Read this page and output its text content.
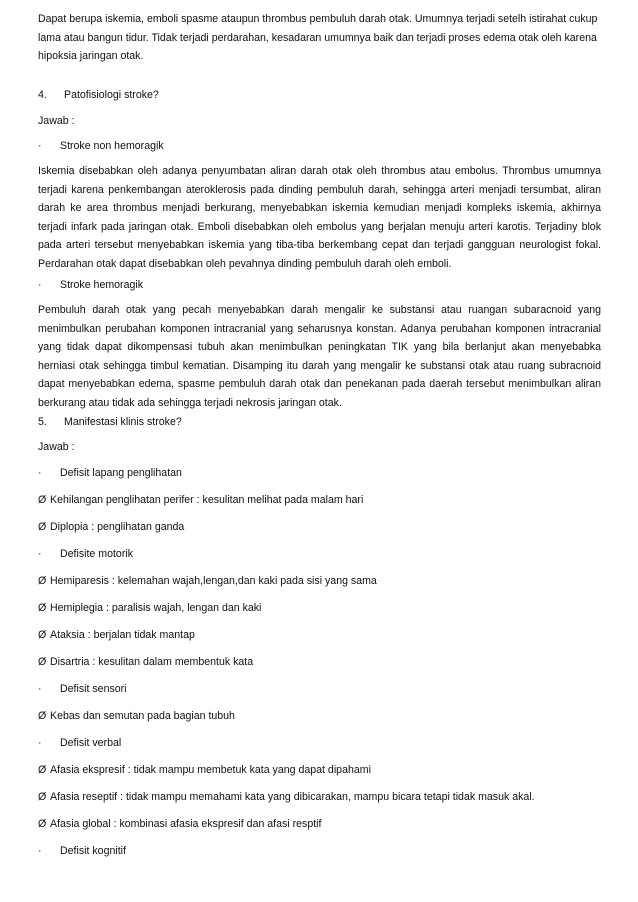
Dapat berupa iskemia, emboli spasme ataupun thrombus pembuluh darah otak. Umumnya terjadi setelh istirahat cukup lama atau bangun tidur. Tidak terjadi perdarahan, kesadaran umumnya baik dan terjadi proses edema otak oleh karena hipoksia jaringan otak.

4. Patofisiologi stroke?

Jawab :

· Stroke non hemoragik

Iskemia disebabkan oleh adanya penyumbatan aliran darah otak oleh thrombus atau embolus. Thrombus umumnya terjadi karena penkembangan ateroklerosis pada dinding pembuluh darah, sehingga arteri menjadi tersumbat, aliran darah ke area thrombus menjadi berkurang, menyebabkan iskemia kemudian menjadi kompleks iskemia, akhirnya terjadi infark pada jaringan otak. Emboli disebabkan oleh embolus yang berjalan menuju arteri karotis. Terjadiny blok pada arteri tersebut menyebabkan iskemia yang tiba-tiba berkembang cepat dan terjadi gangguan neurologist fokal. Perdarahan otak dapat disebabkan oleh pevahnya dinding pembuluh darah oleh emboli.

· Stroke hemoragik

Pembuluh darah otak yang pecah menyebabkan darah mengalir ke substansi atau ruangan subaracnoid yang menimbulkan perubahan komponen intracranial yang seharusnya konstan. Adanya perubahan komponen intracranial yang tidak dapat dikompensasi tubuh akan menimbulkan peningkatan TIK yang bila berlanjut akan menyebabka herniasi otak sehingga timbul kematian. Disamping itu darah yang mengalir ke substansi otak atau ruang subracnoid dapat menyebabkan edema, spasme pembuluh darah otak dan penekanan pada daerah tersebut menimbulkan aliran berkurang atau tidak ada sehingga terjadi nekrosis jaringan otak.

5. Manifestasi klinis stroke?

Jawab :

· Defisit lapang penglihatan

Ø Kehilangan penglihatan perifer : kesulitan melihat pada malam hari

Ø Diplopia : penglihatan ganda

· Defisite motorik

Ø Hemiparesis : kelemahan wajah,lengan,dan kaki pada sisi yang sama

Ø Hemiplegia : paralisis wajah, lengan dan kaki

Ø Ataksia : berjalan tidak mantap

Ø Disartria : kesulitan dalam membentuk kata

· Defisit sensori

Ø Kebas dan semutan pada bagian tubuh

· Defisit verbal

Ø Afasia ekspresif : tidak mampu membetuk kata yang dapat dipahami

Ø Afasia reseptif : tidak mampu memahami kata yang dibicarakan, mampu bicara tetapi tidak masuk akal.

Ø Afasia global : kombinasi afasia ekspresif dan afasi resptif

· Defisit kognitif
